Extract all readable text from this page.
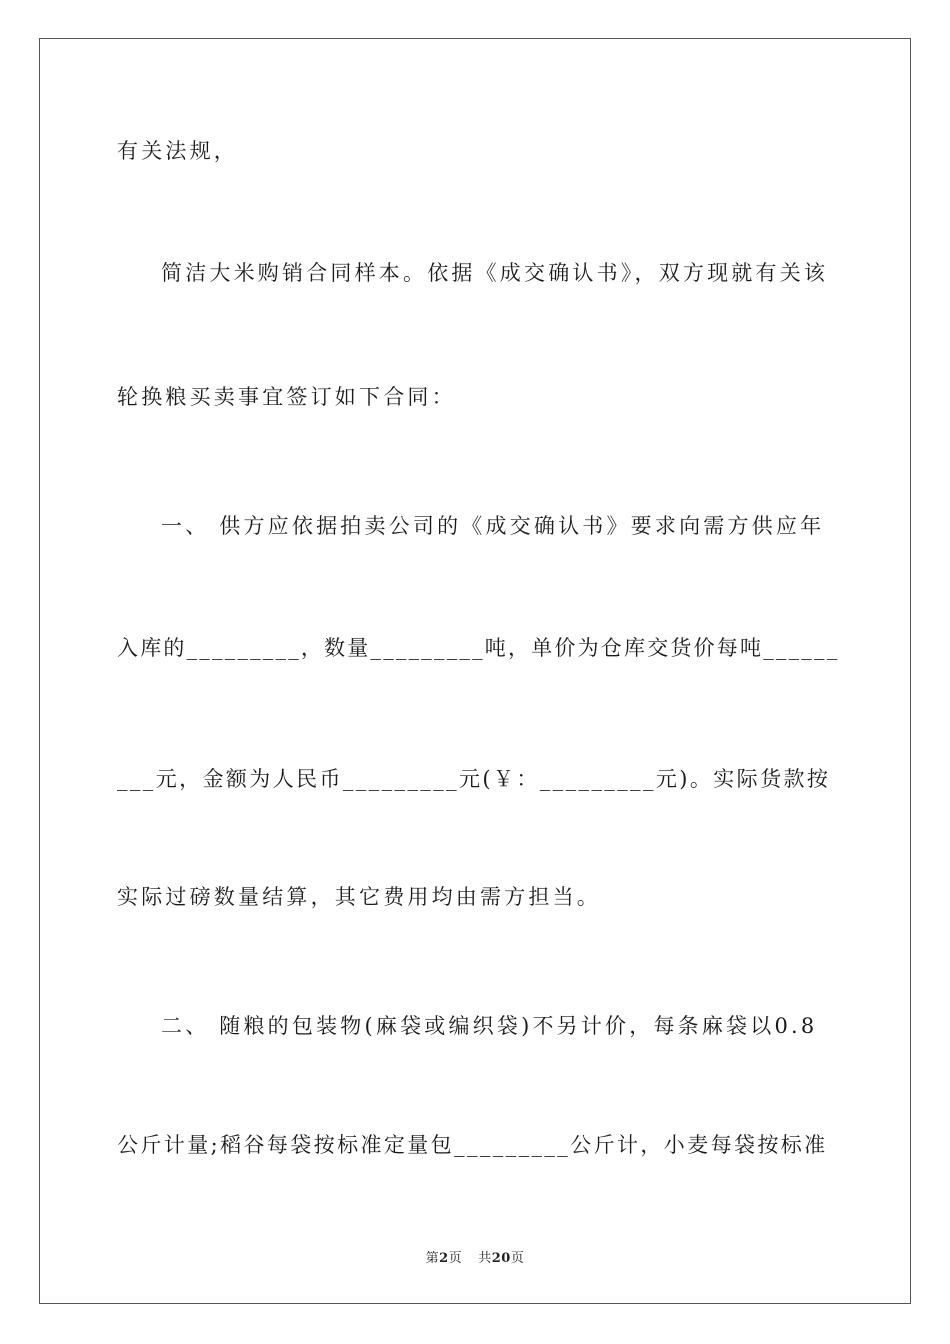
有关法规，
简洁大米购销合同样本。依据《成交确认书》，双方现就有关该
轮换粮买卖事宜签订如下合同：
一、 供方应依据拍卖公司的《成交确认书》要求向需方供应年
入库的_________，数量_________吨，单价为仓库交货价每吨______
___元，金额为人民币_________元(￥：_________元)。实际货款按
实际过磅数量结算，其它费用均由需方担当。
二、 随粮的包装物(麻袋或编织袋)不另计价，每条麻袋以0.8
公斤计量;稻谷每袋按标准定量包_________公斤计，小麦每袋按标准
第2页 共20页
